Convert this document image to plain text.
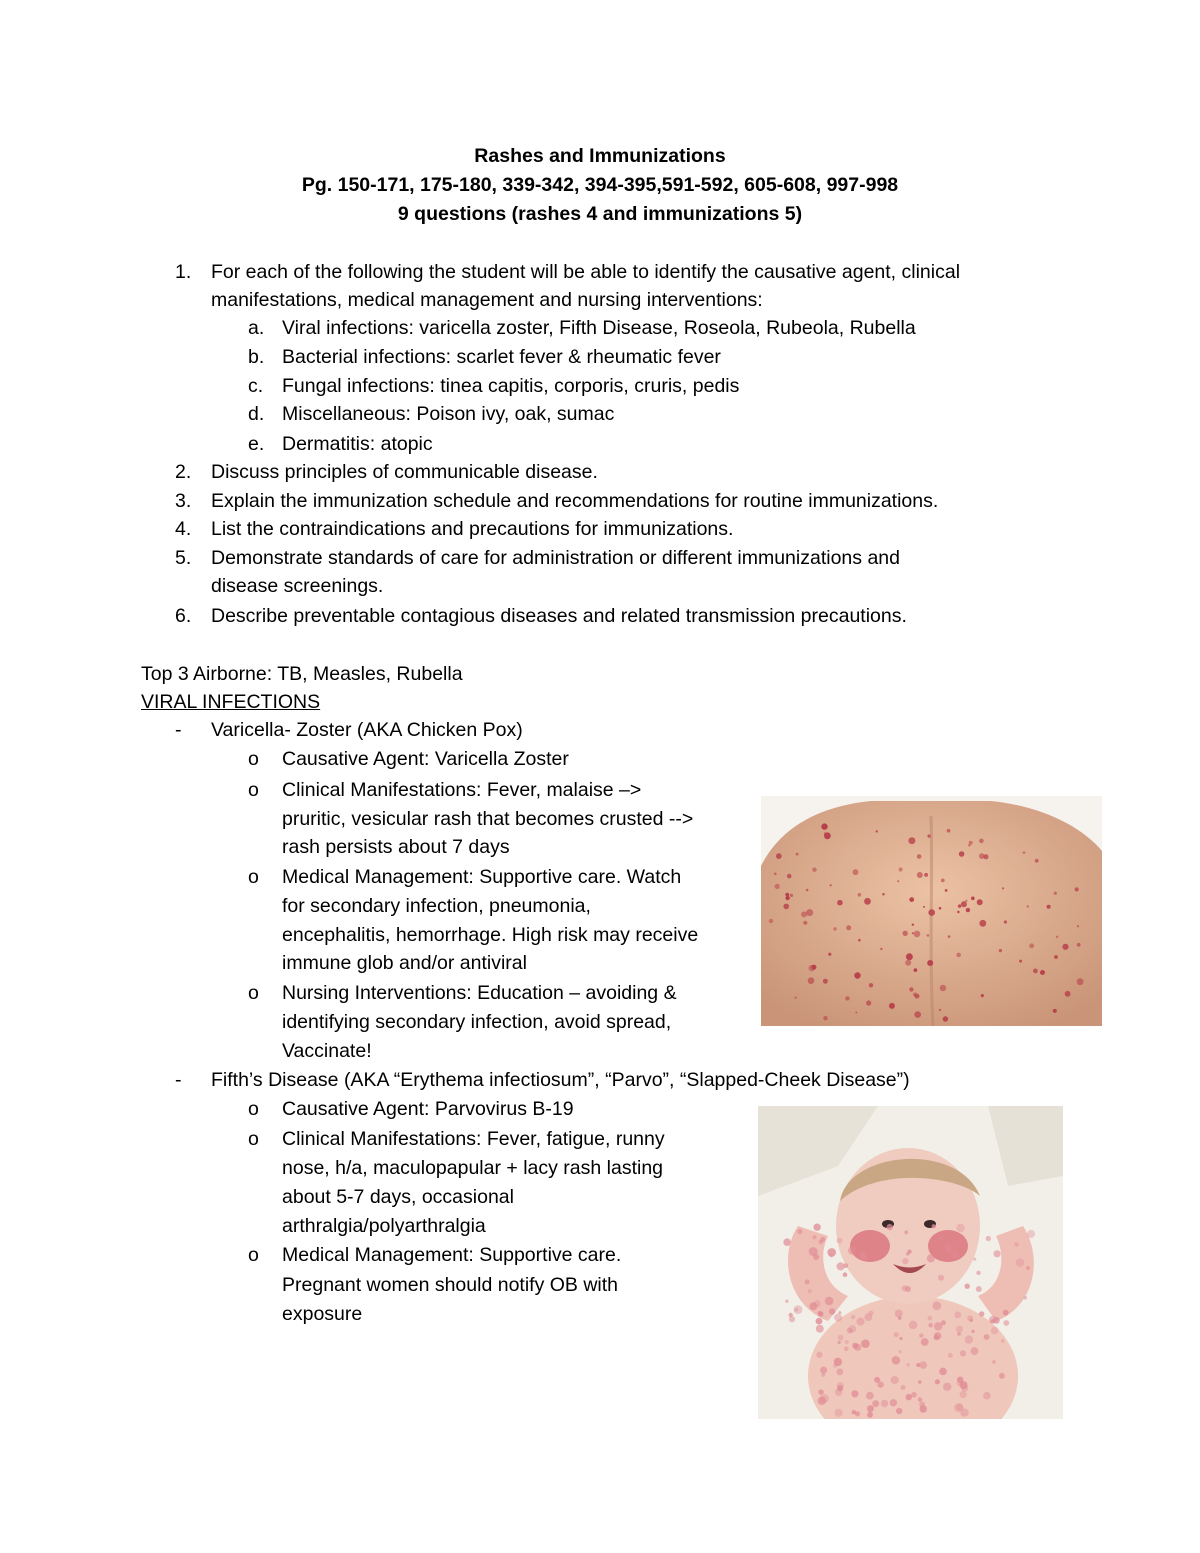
Rashes and Immunizations
Pg. 150-171, 175-180, 339-342, 394-395,591-592, 605-608, 997-998
9 questions (rashes 4 and immunizations 5)
1. For each of the following the student will be able to identify the causative agent, clinical
manifestations, medical management and nursing interventions:
a. Viral infections: varicella zoster, Fifth Disease, Roseola, Rubeola, Rubella
b. Bacterial infections: scarlet fever & rheumatic fever
c. Fungal infections: tinea capitis, corporis, cruris, pedis
d. Miscellaneous: Poison ivy, oak, sumac
e. Dermatitis: atopic
2. Discuss principles of communicable disease.
3. Explain the immunization schedule and recommendations for routine immunizations.
4. List the contraindications and precautions for immunizations.
5. Demonstrate standards of care for administration or different immunizations and
disease screenings.
6. Describe preventable contagious diseases and related transmission precautions.
Top 3 Airborne: TB, Measles, Rubella
VIRAL INFECTIONS
- Varicella- Zoster (AKA Chicken Pox)
o Causative Agent: Varicella Zoster
o Clinical Manifestations: Fever, malaise –>
pruritic, vesicular rash that becomes crusted -->
rash persists about 7 days
o Medical Management: Supportive care. Watch
for secondary infection, pneumonia,
encephalitis, hemorrhage. High risk may receive
immune glob and/or antiviral
o Nursing Interventions: Education – avoiding &
identifying secondary infection, avoid spread,
Vaccinate!
- Fifth’s Disease (AKA “Erythema infectiosum”, “Parvo”, “Slapped-Cheek Disease”)
o Causative Agent: Parvovirus B-19
o Clinical Manifestations: Fever, fatigue, runny
nose, h/a, maculopapular + lacy rash lasting
about 5-7 days, occasional
arthralgia/polyarthralgia
o Medical Management: Supportive care.
Pregnant women should notify OB with
exposure
